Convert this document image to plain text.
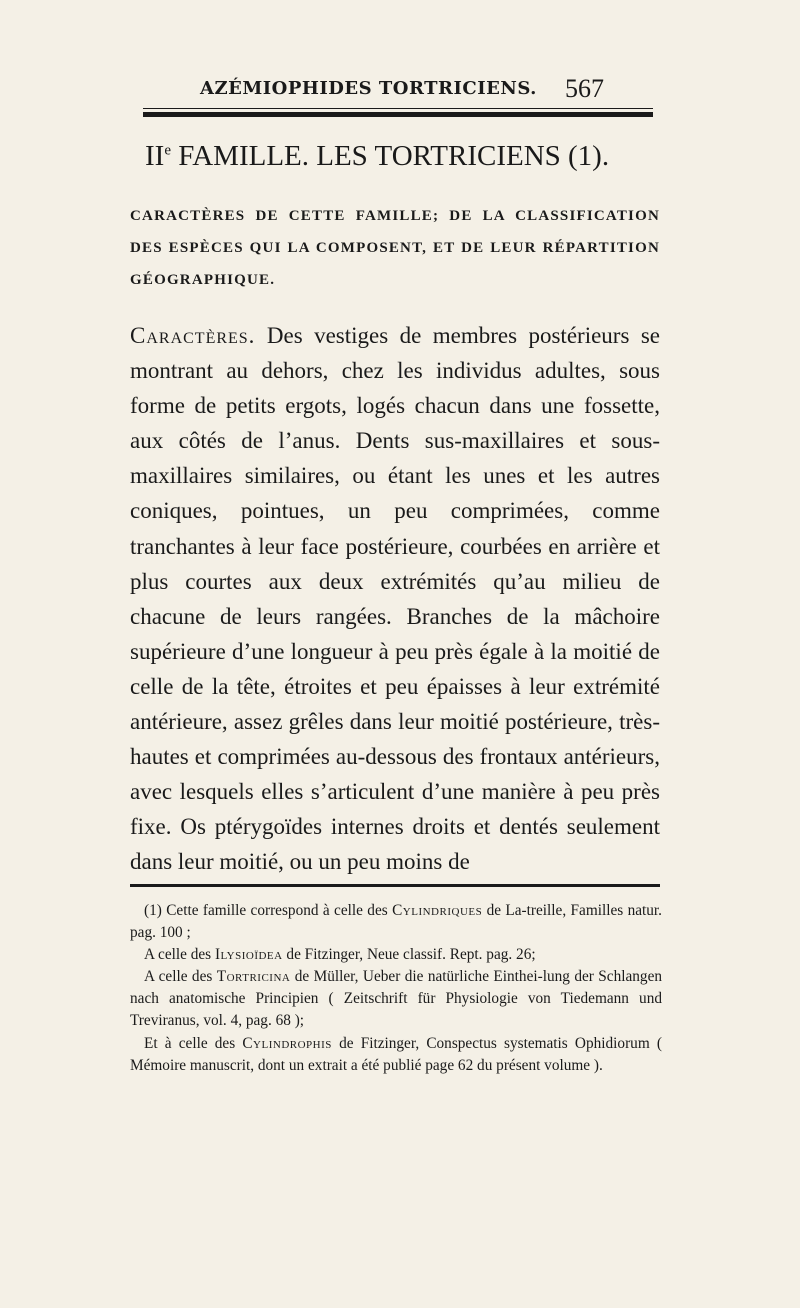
AZÉMIOPHIDES TORTRICIENS. 567
IIe FAMILLE. LES TORTRICIENS (1).
CARACTÈRES DE CETTE FAMILLE; DE LA CLASSIFICATION DES ESPÈCES QUI LA COMPOSENT, ET DE LEUR RÉPARTITION GÉOGRAPHIQUE.
Caractères. Des vestiges de membres postérieurs se montrant au dehors, chez les individus adultes, sous forme de petits ergots, logés chacun dans une fossette, aux côtés de l’anus. Dents sus-maxillaires et sous-maxillaires similaires, ou étant les unes et les autres coniques, pointues, un peu comprimées, comme tranchantes à leur face postérieure, courbées en arrière et plus courtes aux deux extrémités qu’au milieu de chacune de leurs rangées. Branches de la mâchoire supérieure d’une longueur à peu près égale à la moitié de celle de la tête, étroites et peu épaisses à leur extrémité antérieure, assez grêles dans leur moitié postérieure, très-hautes et comprimées au-dessous des frontaux antérieurs, avec lesquels elles s’articulent d’une manière à peu près fixe. Os ptérygoïdes internes droits et dentés seulement dans leur moitié, ou un peu moins de

(1) Cette famille correspond à celle des Cylindriques de La-treille, Familles natur. pag. 100 ;

A celle des Ilysioïdea de Fitzinger, Neue classif. Rept. pag. 26;

A celle des Tortricina de Müller, Ueber die natürliche Einthei-lung der Schlangen nach anatomische Principien ( Zeitschrift für Physiologie von Tiedemann und Treviranus, vol. 4, pag. 68 );

Et à celle des Cylindrophis de Fitzinger, Conspectus systematis Ophidiorum ( Mémoire manuscrit, dont un extrait a été publié page 62 du présent volume ).
